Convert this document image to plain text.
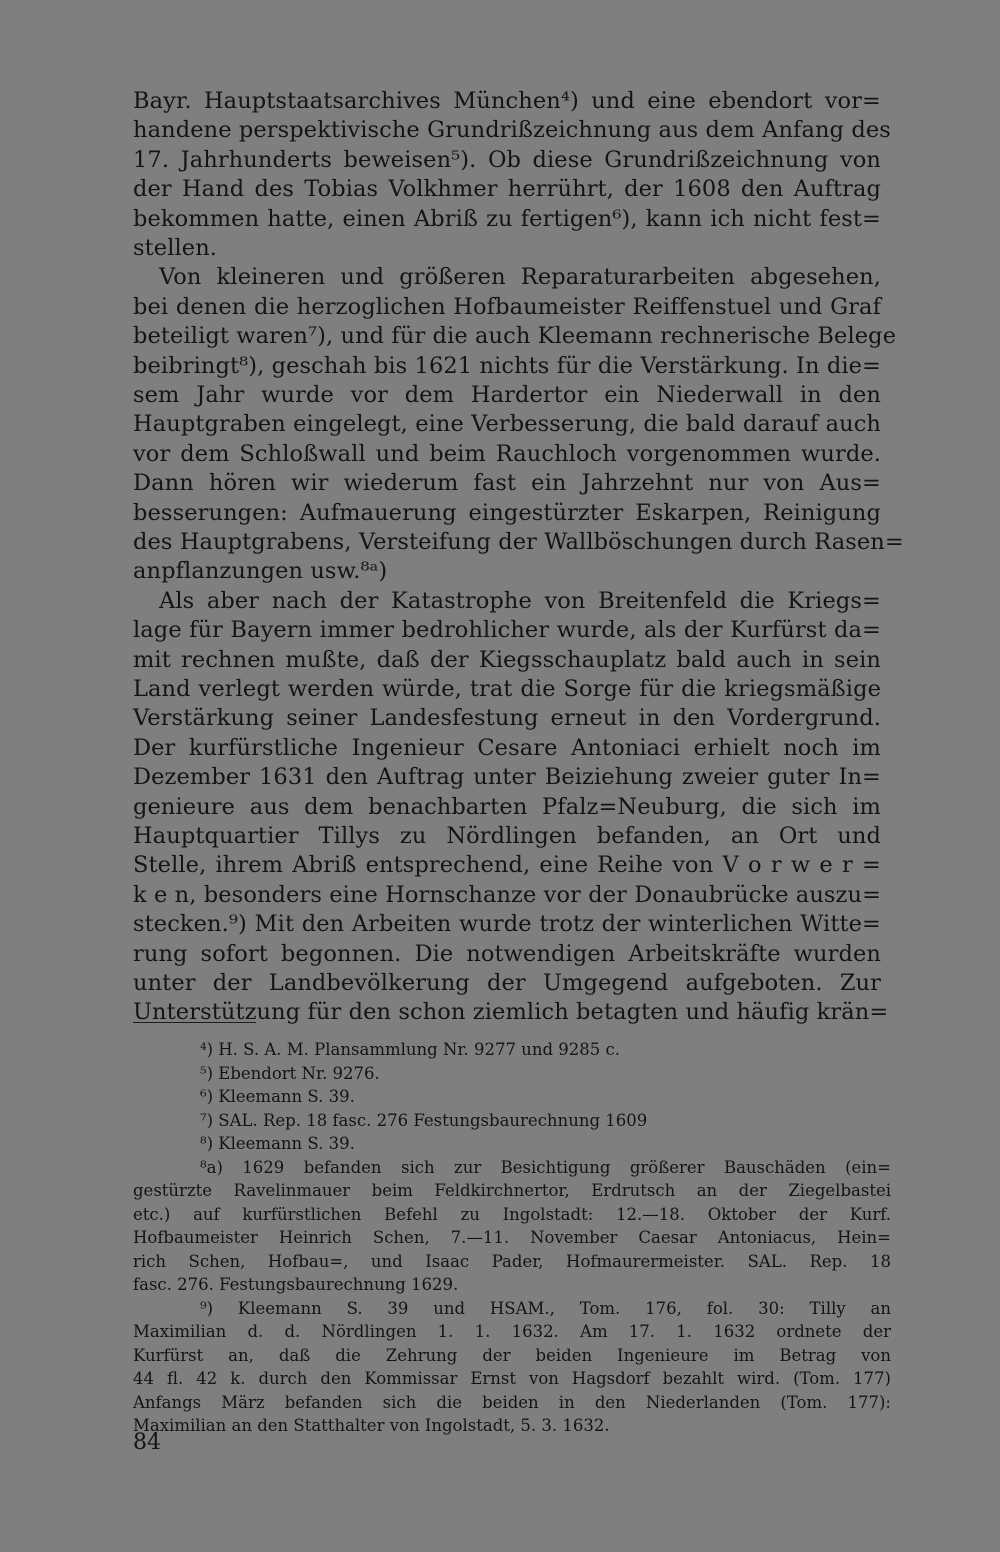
Bayr. Hauptstaatsarchives München⁴) und eine ebendort vor=
handene perspektivische Grundrißzeichnung aus dem Anfang des
17. Jahrhunderts beweisen⁵). Ob diese Grundrißzeichnung von
der Hand des Tobias Volkhmer herrührt, der 1608 den Auftrag
bekommen hatte, einen Abriß zu fertigen⁶), kann ich nicht fest=
stellen.
Von kleineren und größeren Reparaturarbeiten abgesehen,
bei denen die herzoglichen Hofbaumeister Reiffenstuel und Graf
beteiligt waren⁷), und für die auch Kleemann rechnerische Belege
beibringt⁸), geschah bis 1621 nichts für die Verstärkung. In die=
sem Jahr wurde vor dem Hardertor ein Niederwall in den
Hauptgraben eingelegt, eine Verbesserung, die bald darauf auch
vor dem Schloßwall und beim Rauchloch vorgenommen wurde.
Dann hören wir wiederum fast ein Jahrzehnt nur von Aus=
besserungen: Aufmauerung eingestürzter Eskarpen, Reinigung
des Hauptgrabens, Versteifung der Wallböschungen durch Rasen=
anpflanzungen usw.⁸ᵃ)
Als aber nach der Katastrophe von Breitenfeld die Kriegs=
lage für Bayern immer bedrohlicher wurde, als der Kurfürst da=
mit rechnen mußte, daß der Kiegsschauplatz bald auch in sein
Land verlegt werden würde, trat die Sorge für die kriegsmäßige
Verstärkung seiner Landesfestung erneut in den Vordergrund.
Der kurfürstliche Ingenieur Cesare Antoniaci erhielt noch im
Dezember 1631 den Auftrag unter Beiziehung zweier guter In=
genieure aus dem benachbarten Pfalz=Neuburg, die sich im
Hauptquartier Tillys zu Nördlingen befanden, an Ort und
Stelle, ihrem Abriß entsprechend, eine Reihe von V o r w e r =
k e n, besonders eine Hornschanze vor der Donaubrücke auszu=
stecken.⁹) Mit den Arbeiten wurde trotz der winterlichen Witte=
rung sofort begonnen. Die notwendigen Arbeitskräfte wurden
unter der Landbevölkerung der Umgegend aufgeboten. Zur
Unterstützung für den schon ziemlich betagten und häufig krän=
⁴) H. S. A. M. Plansammlung Nr. 9277 und 9285 c.
⁵) Ebendort Nr. 9276.
⁶) Kleemann S. 39.
⁷) SAL. Rep. 18 fasc. 276 Festungsbaurechnung 1609
⁸) Kleemann S. 39.
⁸a) 1629 befanden sich zur Besichtigung größerer Bauschäden (ein=
gestürzte Ravelinmauer beim Feldkirchnertor, Erdrutsch an der Ziegelbastei
etc.) auf kurfürstlichen Befehl zu Ingolstadt: 12.—18. Oktober der Kurf.
Hofbaumeister Heinrich Schen, 7.—11. November Caesar Antoniacus, Hein=
rich Schen, Hofbau=, und Isaac Pader, Hofmaurermeister. SAL. Rep. 18
fasc. 276. Festungsbaurechnung 1629.
⁹) Kleemann S. 39 und HSAM., Tom. 176, fol. 30: Tilly an
Maximilian d. d. Nördlingen 1. 1. 1632. Am 17. 1. 1632 ordnete der
Kurfürst an, daß die Zehrung der beiden Ingenieure im Betrag von
44 fl. 42 k. durch den Kommissar Ernst von Hagsdorf bezahlt wird. (Tom. 177)
Anfangs März befanden sich die beiden in den Niederlanden (Tom. 177):
Maximilian an den Statthalter von Ingolstadt, 5. 3. 1632.
84
